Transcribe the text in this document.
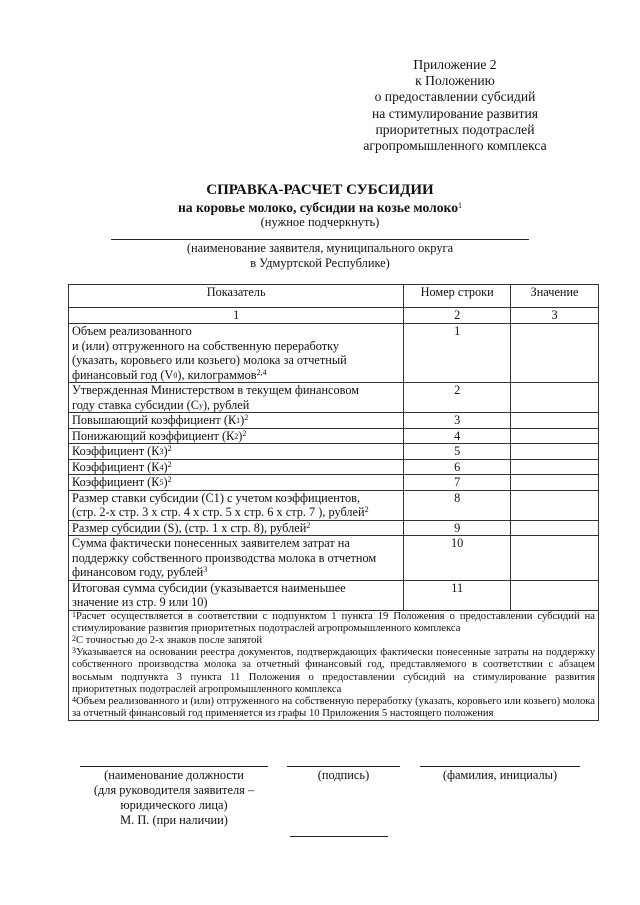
Приложение 2
к Положению
о предоставлении субсидий
на стимулирование развития
приоритетных подотраслей
агропромышленного комплекса
СПРАВКА-РАСЧЕТ СУБСИДИИ
на коровье молоко, субсидии на козье молоко$^1$
(нужное подчеркнуть)
(наименование заявителя, муниципального округа
в Удмуртской Республике)
Показатель	Номер строки	Значение
1	2	3

Объем реализованного
и (или) отгруженного на собственную переработку
(указать, коровьего или козьего) молока за отчетный
финансовый год $(V_0)$, килограммов$^{2,4}$	1	

Утвержденная Министерством в текущем финансовом
году ставка субсидии $(С_у)$, рублей	2	

Повышающий коэффициент $(К_1)^2$	3	

Понижающий коэффициент $(К_2)^2$	4	

Коэффициент $(К_3)^2$	5	

Коэффициент $(К_4)^2$	6	

Коэффициент $(К_5)^2$	7	

Размер ставки субсидии (С1) с учетом коэффициентов,
(стр. 2-х стр. 3 х стр. 4 х стр. 5 х стр. 6 х стр. 7 ), рублей$^2$	8	

Размер субсидии (S), (стр. 1 х стр. 8), рублей$^2$	9	

Сумма фактически понесенных заявителем затрат на
поддержку собственного производства молока в отчетном
финансовом году, рублей$^3$	10	

Итоговая сумма субсидии (указывается наименьшее
значение из стр. 9 или 10)	11	

$^1$Расчет осуществляется в соответствии с подпунктом 1 пункта 19 Положения о предоставлении субсидий на стимулирование развития приоритетных подотраслей агропромышленного комплекса

$^2$С точностью до 2-х знаков после запятой

$^3$Указывается на основании реестра документов, подтверждающих фактически понесенные затраты на поддержку собственного производства молока за отчетный финансовый год, представляемого в соответствии с абзацем восьмым подпункта 3 пункта 11 Положения о предоставлении субсидий на стимулирование развития приоритетных подотраслей агропромышленного комплекса

$^4$Объем реализованного и (или) отгруженного на собственную переработку (указать, коровьего или козьего) молока за отчетный финансовый год применяется из графы 10 Приложения 5 настоящего положения		

(наименование должности
(для руководителя заявителя –
юридического лица)
М. П. (при наличии)
(подпись)	(фамилия, инициалы)
